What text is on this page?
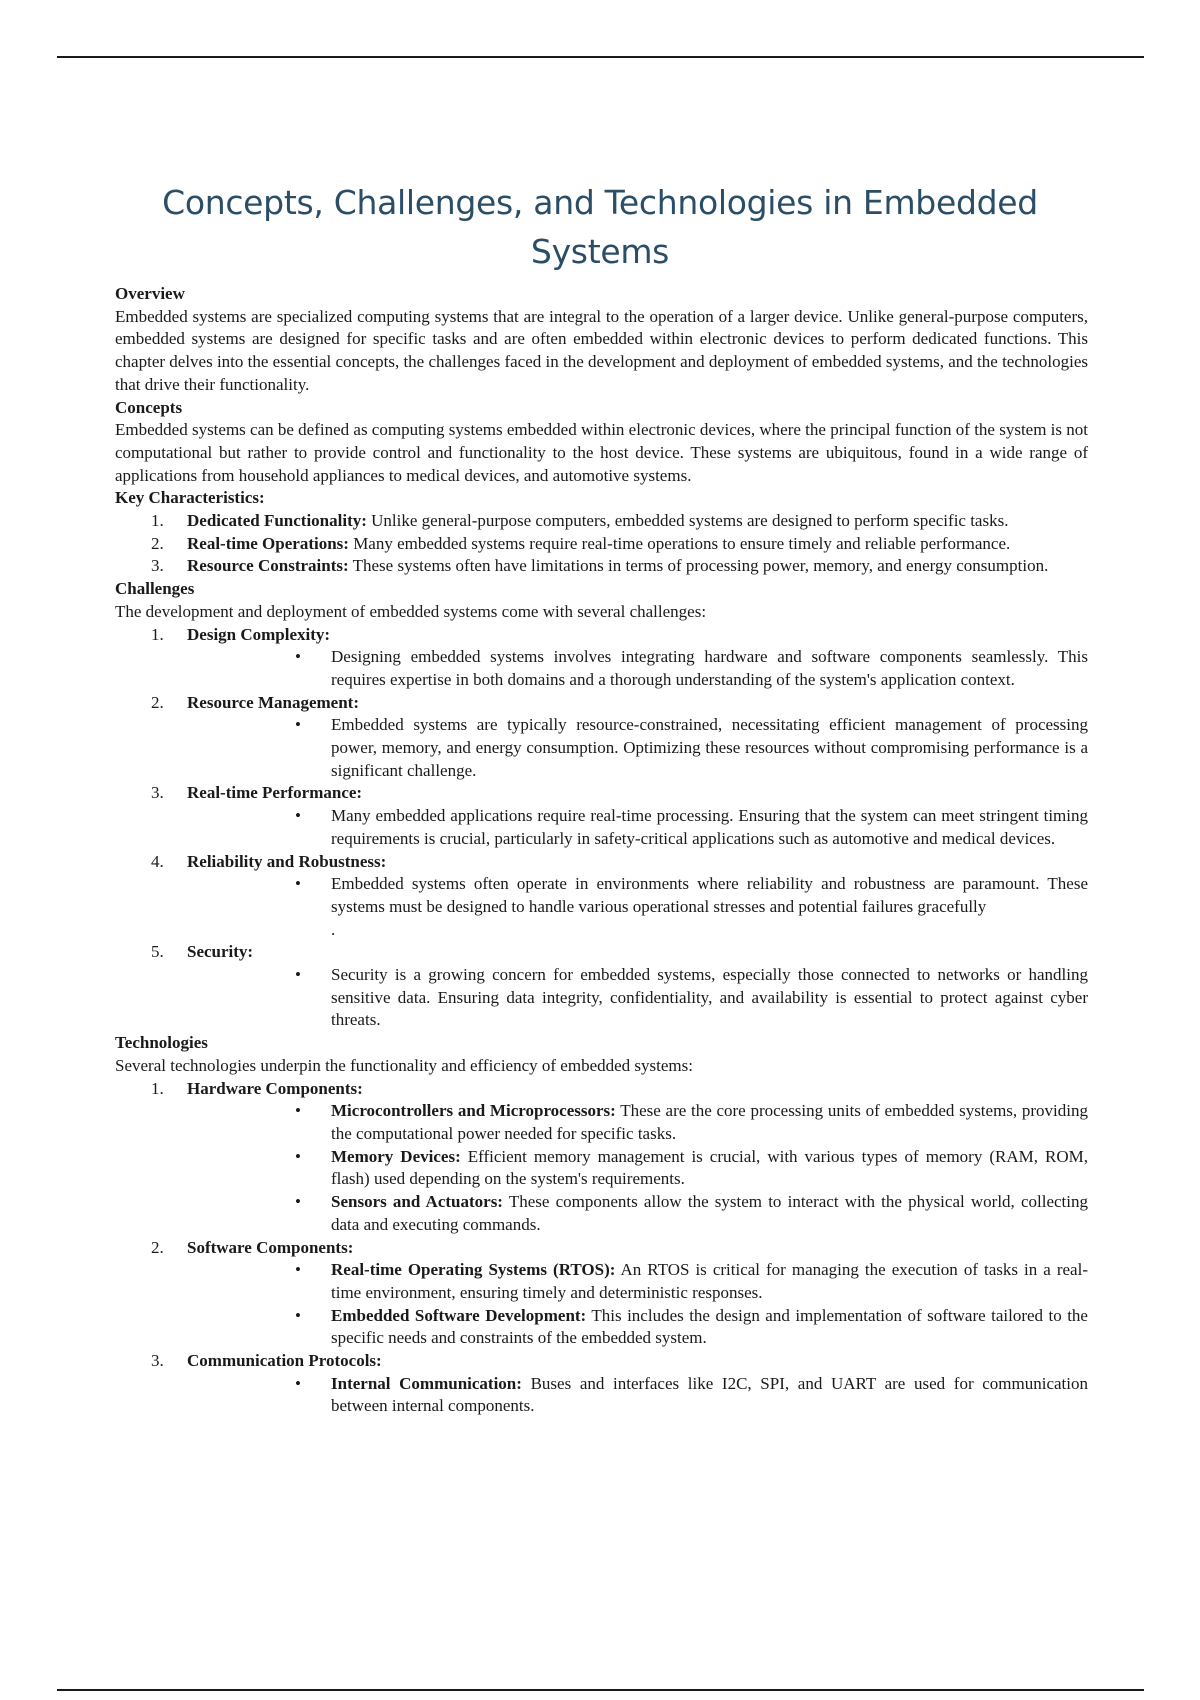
Concepts, Challenges, and Technologies in Embedded Systems

Overview

Embedded systems are specialized computing systems that are integral to the operation of a larger device. Unlike general-purpose computers, embedded systems are designed for specific tasks and are often embedded within electronic devices to perform dedicated functions. This chapter delves into the essential concepts, the challenges faced in the development and deployment of embedded systems, and the technologies that drive their functionality.

Concepts

Embedded systems can be defined as computing systems embedded within electronic devices, where the principal function of the system is not computational but rather to provide control and functionality to the host device. These systems are ubiquitous, found in a wide range of applications from household appliances to medical devices, and automotive systems.

Key Characteristics:

1. Dedicated Functionality: Unlike general-purpose computers, embedded systems are designed to perform specific tasks.
2. Real-time Operations: Many embedded systems require real-time operations to ensure timely and reliable performance.
3. Resource Constraints: These systems often have limitations in terms of processing power, memory, and energy consumption.

Challenges

The development and deployment of embedded systems come with several challenges:

1. Design Complexity:
• Designing embedded systems involves integrating hardware and software components seamlessly. This requires expertise in both domains and a thorough understanding of the system's application context.
2. Resource Management:
• Embedded systems are typically resource-constrained, necessitating efficient management of processing power, memory, and energy consumption. Optimizing these resources without compromising performance is a significant challenge.
3. Real-time Performance:
• Many embedded applications require real-time processing. Ensuring that the system can meet stringent timing requirements is crucial, particularly in safety-critical applications such as automotive and medical devices.
4. Reliability and Robustness:
• Embedded systems often operate in environments where reliability and robustness are paramount. These systems must be designed to handle various operational stresses and potential failures gracefully
.
5. Security:
• Security is a growing concern for embedded systems, especially those connected to networks or handling sensitive data. Ensuring data integrity, confidentiality, and availability is essential to protect against cyber threats.

Technologies

Several technologies underpin the functionality and efficiency of embedded systems:

1. Hardware Components:
• Microcontrollers and Microprocessors: These are the core processing units of embedded systems, providing the computational power needed for specific tasks.
• Memory Devices: Efficient memory management is crucial, with various types of memory (RAM, ROM, flash) used depending on the system's requirements.
• Sensors and Actuators: These components allow the system to interact with the physical world, collecting data and executing commands.
2. Software Components:
• Real-time Operating Systems (RTOS): An RTOS is critical for managing the execution of tasks in a real-time environment, ensuring timely and deterministic responses.
• Embedded Software Development: This includes the design and implementation of software tailored to the specific needs and constraints of the embedded system.
3. Communication Protocols:
• Internal Communication: Buses and interfaces like I2C, SPI, and UART are used for communication between internal components.
